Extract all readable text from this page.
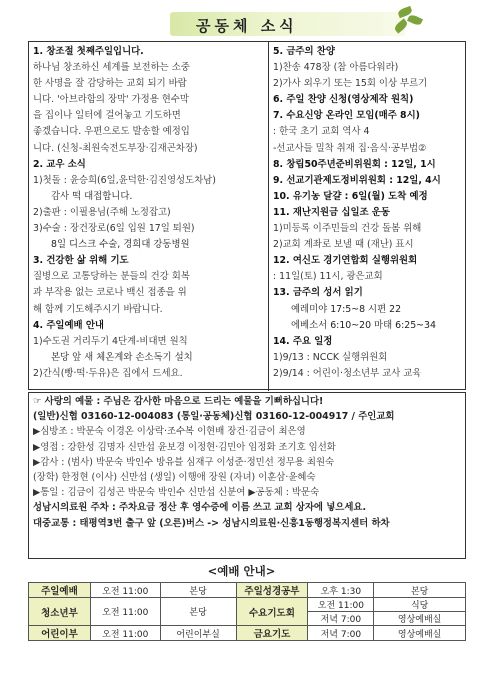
공동체 소식
1. 창조절 첫째주일입니다.
하나님 창조하신 세계를 보전하는 소중
한 사명을 잘 감당하는 교회 되기 바랍
니다. '아브라함의 장막' 가정용 현수막
을 집이나 일터에 걸어놓고 기도하면
좋겠습니다. 우편으로도 발송할 예정입
니다. (신청-최원숙전도부장·김재곤차장)
2. 교우 소식
1)첫돌 : 윤승희(6일,윤덕한·김진영성도차남)
감사 떡 대접합니다.
2)출판 : 이필용님(주해 노정잡고)
3)수술 : 장건장로(6일 입원 17일 퇴원)
8일 디스크 수술, 경희대 강동병원
3. 건강한 삶 위해 기도
질병으로 고통당하는 분들의 건강 회복
과 부작용 없는 코로나 백신 접종을 위
해 함께 기도해주시기 바랍니다.
4. 주일예배 안내
1)수도권 거리두기 4단계-비대면 원칙
본당 앞 새 체온계와 손소독기 설치
2)간식(빵·떡·두유)은 집에서 드세요.
5. 금주의 찬양
1)찬송 478장 (참 아름다워라)
2)가사 외우기 또는 15회 이상 부르기
6. 주일 찬양 신청(영상제작 원칙)
7. 수요신앙 온라인 모임(매주 8시)
: 한국 초기 교회 역사 4
-선교사들 밀착 취재 집·음식·공부법②
8. 창립50주년준비위원회 : 12일, 1시
9. 선교기관제도정비위원회 : 12일, 4시
10. 유기농 달걀 : 6일(월) 도착 예정
11. 재난지원금 십일조 운동
1)미등록 이주민들의 건강 돌봄 위해
2)교회 계좌로 보낼 때 (재난) 표시
12. 여신도 경기연합회 실행위원회
: 11일(토) 11시, 광은교회
13. 금주의 성서 읽기
예레미야 17:5~8 시편 22
에베소서 6:10~20 마태 6:25~34
14. 주요 일정
1)9/13 : NCCK 실행위원회
2)9/14 : 어린이·청소년부 교사 교육
☞ 사랑의 예물 : 주님은 감사한 마음으로 드리는 예물을 기뻐하십니다!
(일반)신협 03160-12-004083 (통일·공동체)신협 03160-12-004917 / 주인교회
▶심방조 : 박문숙 이경온 이상락·조수복 이현배 장건·김금이 최은영
▶영접 : 강한성 김명자 신만섭 윤보경 이정현·김민아 임정화 조기호 임선화
▶감사 : (범사) 박문숙 박인수 방유블 심재구 이성준·정민선 정무용 최원숙
(장학) 한정현 (이사) 신만섭 (생일) 이행애 장원 (자녀) 이훈삼·윤혜숙
▶통일 : 김금이 김성곤 박문숙 박인수 신만섭 신분여 ▶공동체 : 박문숙
성남시의료원 주차 : 주차요금 정산 후 영수증에 이름 쓰고 교회 상자에 넣으세요.
대중교통 : 태평역3번 출구 앞 (오른)버스 -> 성남시의료원·신흥1동행정복지센터 하차
<예배 안내>
주일예배	오전 11:00	본당	주일성경공부	오후 1:30	본당
청소년부	오전 11:00	본당	수요기도회	오전 11:00	식당
				저녁 7:00	영상예배실
어린이부	오전 11:00	어린이부실	금요기도	저녁 7:00	영상예배실
